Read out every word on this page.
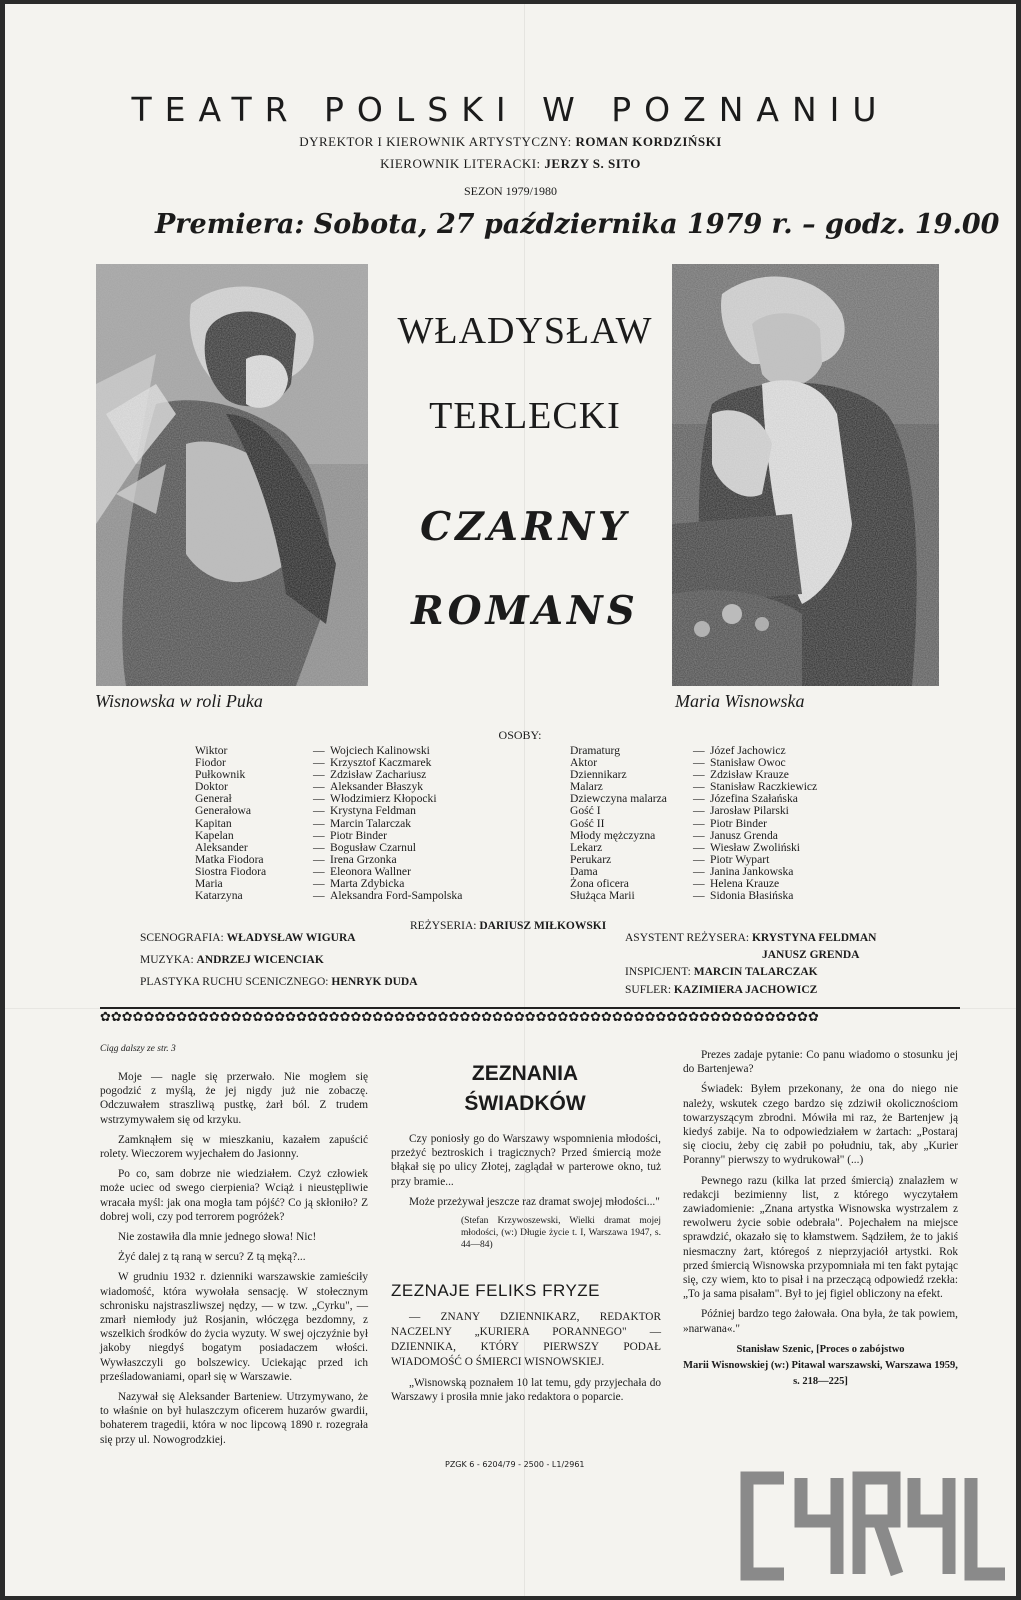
TEATR POLSKI W POZNANIU
DYREKTOR I KIEROWNIK ARTYSTYCZNY: ROMAN KORDZIŃSKI
KIEROWNIK LITERACKI: JERZY S. SITO
SEZON 1979/1980
Premiera: Sobota, 27 października 1979 r. – godz. 19.00
WŁADYSŁAW
TERLECKI
CZARNY
ROMANS
Wisnowska w roli Puka	Maria Wisnowska
OSOBY:
Wiktor	— Wojciech Kalinowski
Fiodor	— Krzysztof Kaczmarek
Pułkownik	— Zdzisław Zachariusz
Doktor	— Aleksander Błaszyk
Generał	— Włodzimierz Kłopocki
Generałowa	— Krystyna Feldman
Kapitan	— Marcin Talarczak
Kapelan	— Piotr Binder
Aleksander	— Bogusław Czarnul
Matka Fiodora	— Irena Grzonka
Siostra Fiodora	— Eleonora Wallner
Maria	— Marta Zdybicka
Katarzyna	— Aleksandra Ford-Sampolska
Dramaturg	— Józef Jachowicz
Aktor	— Stanisław Owoc
Dziennikarz	— Zdzisław Krauze
Malarz	— Stanisław Raczkiewicz
Dziewczyna malarza	— Józefina Szałańska
Gość I	— Jarosław Pilarski
Gość II	— Piotr Binder
Młody mężczyzna	— Janusz Grenda
Lekarz	— Wiesław Zwoliński
Perukarz	— Piotr Wypart
Dama	— Janina Jankowska
Żona oficera	— Helena Krauze
Służąca Marii	— Sidonia Błasińska
REŻYSERIA: DARIUSZ MIŁKOWSKI
SCENOGRAFIA: WŁADYSŁAW WIGURA
MUZYKA: ANDRZEJ WICENCIAK
PLASTYKA RUCHU SCENICZNEGO: HENRYK DUDA
ASYSTENT REŻYSERA: KRYSTYNA FELDMAN
JANUSZ GRENDA
INSPICJENT: MARCIN TALARCZAK
SUFLER: KAZIMIERA JACHOWICZ
✿✿✿✿✿✿✿✿✿✿✿✿✿✿✿✿✿✿✿✿✿✿✿✿✿✿✿✿✿✿✿✿✿✿✿✿✿✿✿✿✿✿✿✿✿✿✿✿✿✿✿✿✿✿✿✿✿✿✿✿✿✿✿✿✿✿
Ciąg dalszy ze str. 3

Moje — nagle się przerwało. Nie mogłem się pogodzić z myślą, że jej nigdy już nie zobaczę. Odczuwałem straszliwą pustkę, żarł ból. Z trudem wstrzymywałem się od krzyku.

Zamknąłem się w mieszkaniu, kazałem zapuścić rolety. Wieczorem wyjechałem do Jasionny.

Po co, sam dobrze nie wiedziałem. Czyż człowiek może uciec od swego cierpienia? Wciąż i nieustępliwie wracała myśl: jak ona mogła tam pójść? Co ją skłoniło? Z dobrej woli, czy pod terrorem pogróżek?

Nie zostawiła dla mnie jednego słowa! Nic!

Żyć dalej z tą raną w sercu? Z tą męką?...

W grudniu 1932 r. dzienniki warszawskie zamieściły wiadomość, która wywołała sensację. W stołecznym schronisku najstraszliwszej nędzy, — w tzw. „Cyrku", — zmarł niemłody już Rosjanin, włóczęga bezdomny, z wszelkich środków do życia wyzuty. W swej ojczyźnie był jakoby niegdyś bogatym posiadaczem włości. Wywłaszczyli go bolszewicy. Uciekając przed ich prześladowaniami, oparł się w Warszawie.

Nazywał się Aleksander Barteniew. Utrzymywano, że to właśnie on był hulaszczym oficerem huzarów gwardii, bohaterem tragedii, która w noc lipcową 1890 r. rozegrała się przy ul. Nowogrodzkiej.

ZEZNANIA
ŚWIADKÓW

Czy poniosły go do Warszawy wspomnienia młodości, przeżyć beztroskich i tragicznych? Przed śmiercią może błąkał się po ulicy Złotej, zaglądał w parterowe okno, tuż przy bramie...

Może przeżywał jeszcze raz dramat swojej młodości..."

(Stefan Krzywoszewski, Wielki dramat mojej młodości, (w:) Długie życie t. I, Warszawa 1947, s. 44—84)
ZEZNAJE FELIKS FRYZE

— ZNANY DZIENNIKARZ, REDAKTOR NACZELNY „KURIERA PORANNEGO" — DZIENNIKA, KTÓRY PIERWSZY PODAŁ WIADOMOŚĆ O ŚMIERCI WISNOWSKIEJ.

„Wisnowską poznałem 10 lat temu, gdy przyjechała do Warszawy i prosiła mnie jako redaktora o poparcie.

Prezes zadaje pytanie: Co panu wiadomo o stosunku jej do Bartenjewa?

Świadek: Byłem przekonany, że ona do niego nie należy, wskutek czego bardzo się zdziwił okolicznościom towarzyszącym zbrodni. Mówiła mi raz, że Bartenjew ją kiedyś zabije. Na to odpowiedziałem w żartach: „Postaraj się ciociu, żeby cię zabił po południu, tak, aby „Kurier Poranny" pierwszy to wydrukował" (...)

Pewnego razu (kilka lat przed śmiercią) znalazłem w redakcji bezimienny list, z którego wyczytałem zawiadomienie: „Znana artystka Wisnowska wystrzalem z rewolweru życie sobie odebrała". Pojechałem na miejsce sprawdzić, okazało się to kłamstwem. Sądziłem, że to jakiś niesmaczny żart, któregoś z nieprzyjaciół artystki. Rok przed śmiercią Wisnowska przypomniała mi ten fakt pytając się, czy wiem, kto to pisał i na przeczącą odpowiedź rzekła: „To ja sama pisałam". Był to jej figiel obliczony na efekt.

Później bardzo tego żałowała. Ona była, że tak powiem, »narwana«."

Stanisław Szenic, [Proces o zabójstwo
Marii Wisnowskiej (w:) Pitawal warszawski, Warszawa 1959, s. 218—225]
PZGK 6 - 6204/79 - 2500 - L1/2961
